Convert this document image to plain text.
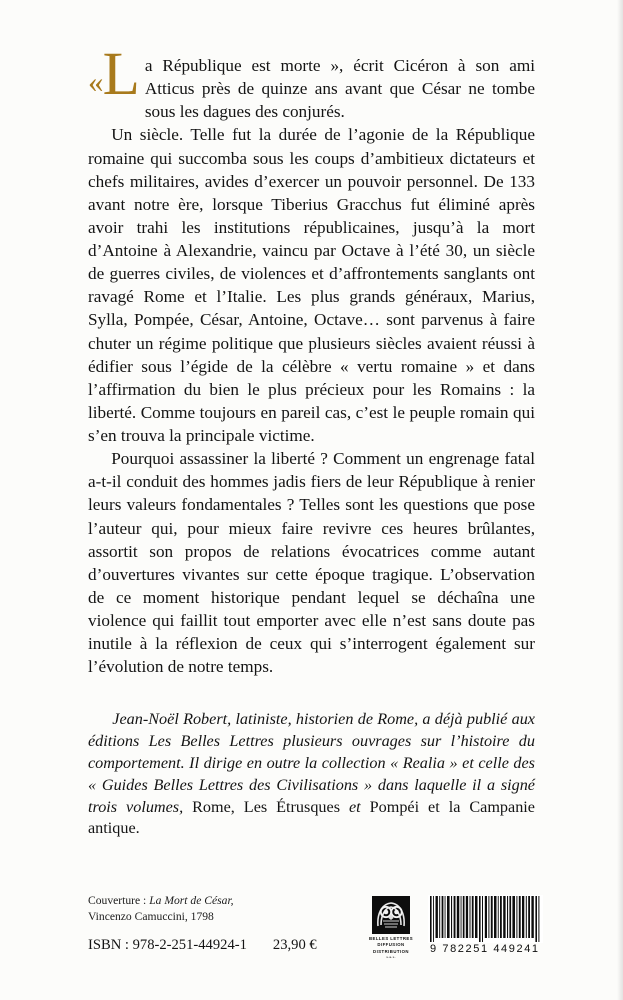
«L a République est morte », écrit Cicéron à son ami Atticus près de quinze ans avant que César ne tombe sous les dagues des conjurés.

Un siècle. Telle fut la durée de l’agonie de la République romaine qui succomba sous les coups d’ambitieux dictateurs et chefs militaires, avides d’exercer un pouvoir personnel. De 133 avant notre ère, lorsque Tiberius Gracchus fut éliminé après avoir trahi les institutions républicaines, jusqu’à la mort d’Antoine à Alexandrie, vaincu par Octave à l’été 30, un siècle de guerres civiles, de violences et d’affrontements sanglants ont ravagé Rome et l’Italie. Les plus grands généraux, Marius, Sylla, Pompée, César, Antoine, Octave… sont parvenus à faire chuter un régime politique que plusieurs siècles avaient réussi à édifier sous l’égide de la célèbre « vertu romaine » et dans l’affirmation du bien le plus précieux pour les Romains : la liberté. Comme toujours en pareil cas, c’est le peuple romain qui s’en trouva la principale victime.

Pourquoi assassiner la liberté ? Comment un engrenage fatal a-t-il conduit des hommes jadis fiers de leur République à renier leurs valeurs fondamentales ? Telles sont les questions que pose l’auteur qui, pour mieux faire revivre ces heures brûlantes, assortit son propos de relations évocatrices comme autant d’ouvertures vivantes sur cette époque tragique. L’observation de ce moment historique pendant lequel se déchaîna une violence qui faillit tout emporter avec elle n’est sans doute pas inutile à la réflexion de ceux qui s’interrogent également sur l’évolution de notre temps.

Jean-Noël Robert, latiniste, historien de Rome, a déjà publié aux éditions Les Belles Lettres plusieurs ouvrages sur l’histoire du comportement. Il dirige en outre la collection « Realia » et celle des « Guides Belles Lettres des Civilisations » dans laquelle il a signé trois volumes, Rome, Les Étrusques et Pompéi et la Campanie antique.
Couverture : La Mort de César,
Vincenzo Camuccini, 1798
ISBN : 978-2-251-44924-1 23,90 €	BELLES LETTRES
DIFFUSION
DISTRIBUTION
s.a.s.
9 782251 449241
